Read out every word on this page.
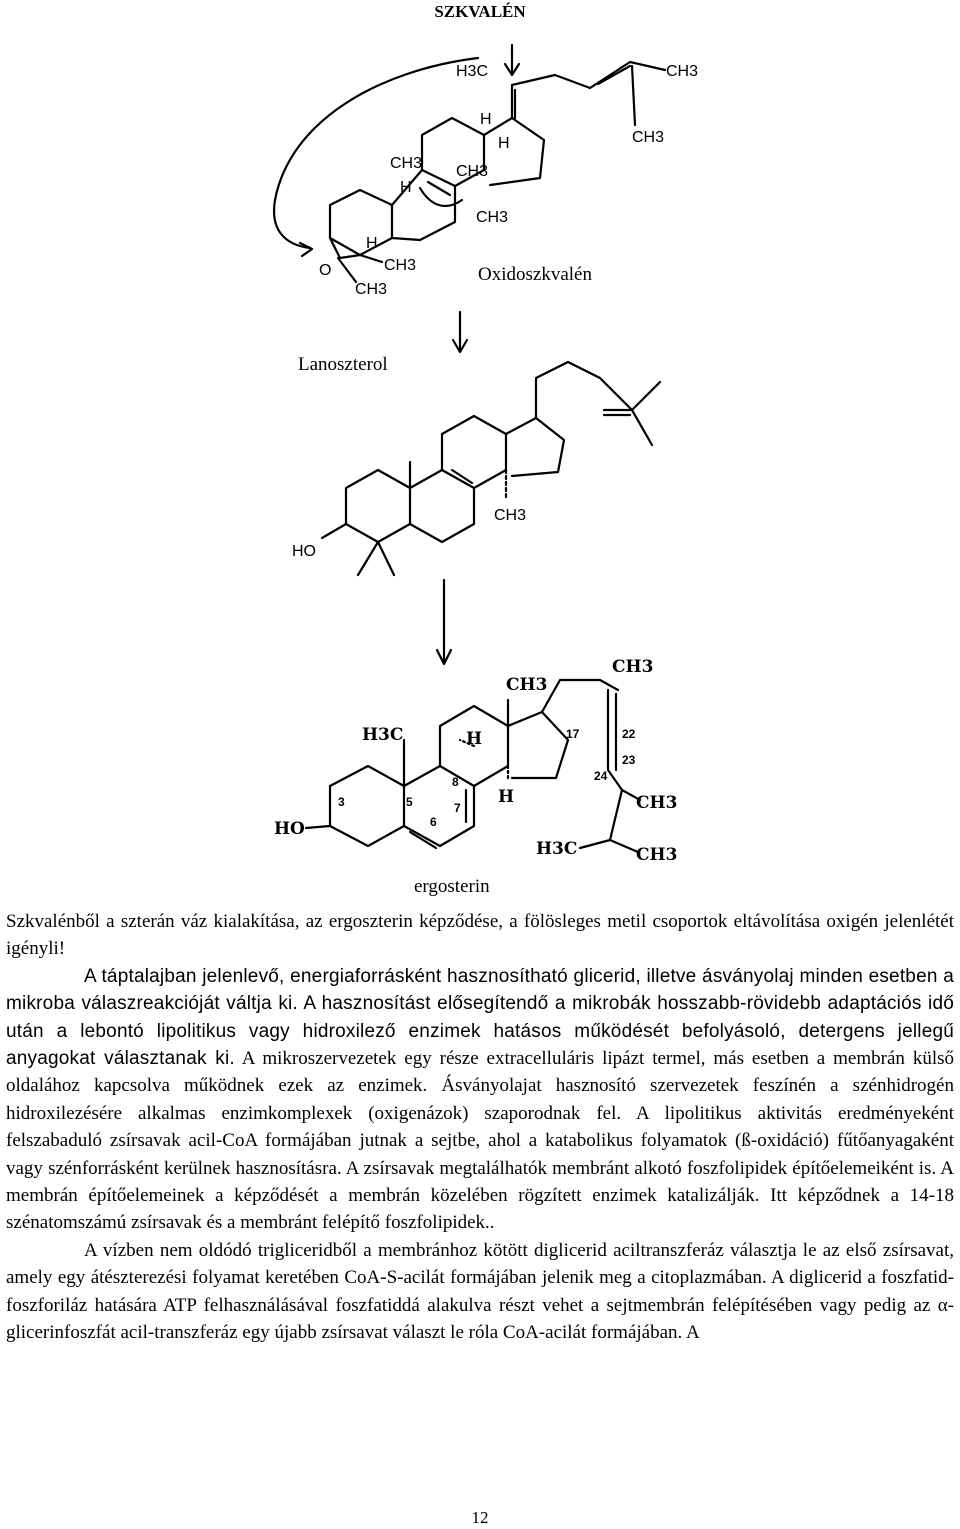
SZKVALÉN
H3C	CH3
CH3
H
H
CH3
H
CH3
CH3
H
O	CH3
CH3
Oxidoszkvalén
Lanoszterol
HO
CH3
HO
H3C
CH3
CH3
H
H	CH3
H3C	CH3
3	5
6
7
8
17	22
23
24
ergosterin

Szkvalénből a szterán váz kialakítása, az ergoszterin képződése, a fölösleges metil csoportok eltávolítása oxigén jelenlétét igényli!

A táptalajban jelenlevő, energiaforrásként hasznosítható glicerid, illetve ásványolaj minden esetben a mikroba válaszreakcióját váltja ki. A hasznosítást elősegítendő a mikrobák hosszabb-rövidebb adaptációs idő után a lebontó lipolitikus vagy hidroxilező enzimek hatásos működését befolyásoló, detergens jellegű anyagokat választanak ki. A mikroszervezetek egy része extracelluláris lipázt termel, más esetben a membrán külső oldalához kapcsolva működnek ezek az enzimek. Ásványolajat hasznosító szervezetek feszínén a szénhidrogén hidroxilezésére alkalmas enzimkomplexek (oxigenázok) szaporodnak fel. A lipolitikus aktivitás eredményeként felszabaduló zsírsavak acil-CoA formájában jutnak a sejtbe, ahol a katabolikus folyamatok (ß-oxidáció) fűtőanyagaként vagy szénforrásként kerülnek hasznosításra. A zsírsavak megtalálhatók membránt alkotó foszfolipidek építőelemeiként is. A membrán építőelemeinek a képződését a membrán közelében rögzített enzimek katalizálják. Itt képződnek a 14-18 szénatomszámú zsírsavak és a membránt felépítő foszfolipidek..

A vízben nem oldódó trigliceridből a membránhoz kötött diglicerid aciltranszferáz választja le az első zsírsavat, amely egy átészterezési folyamat keretében CoA-S-acilát formájában jelenik meg a citoplazmában. A diglicerid a foszfatid-foszforiláz hatására ATP felhasználásával foszfatiddá alakulva részt vehet a sejtmembrán felépítésében vagy pedig az α-glicerinfoszfát acil-transzferáz egy újabb zsírsavat választ le róla CoA-acilát formájában. A

12
